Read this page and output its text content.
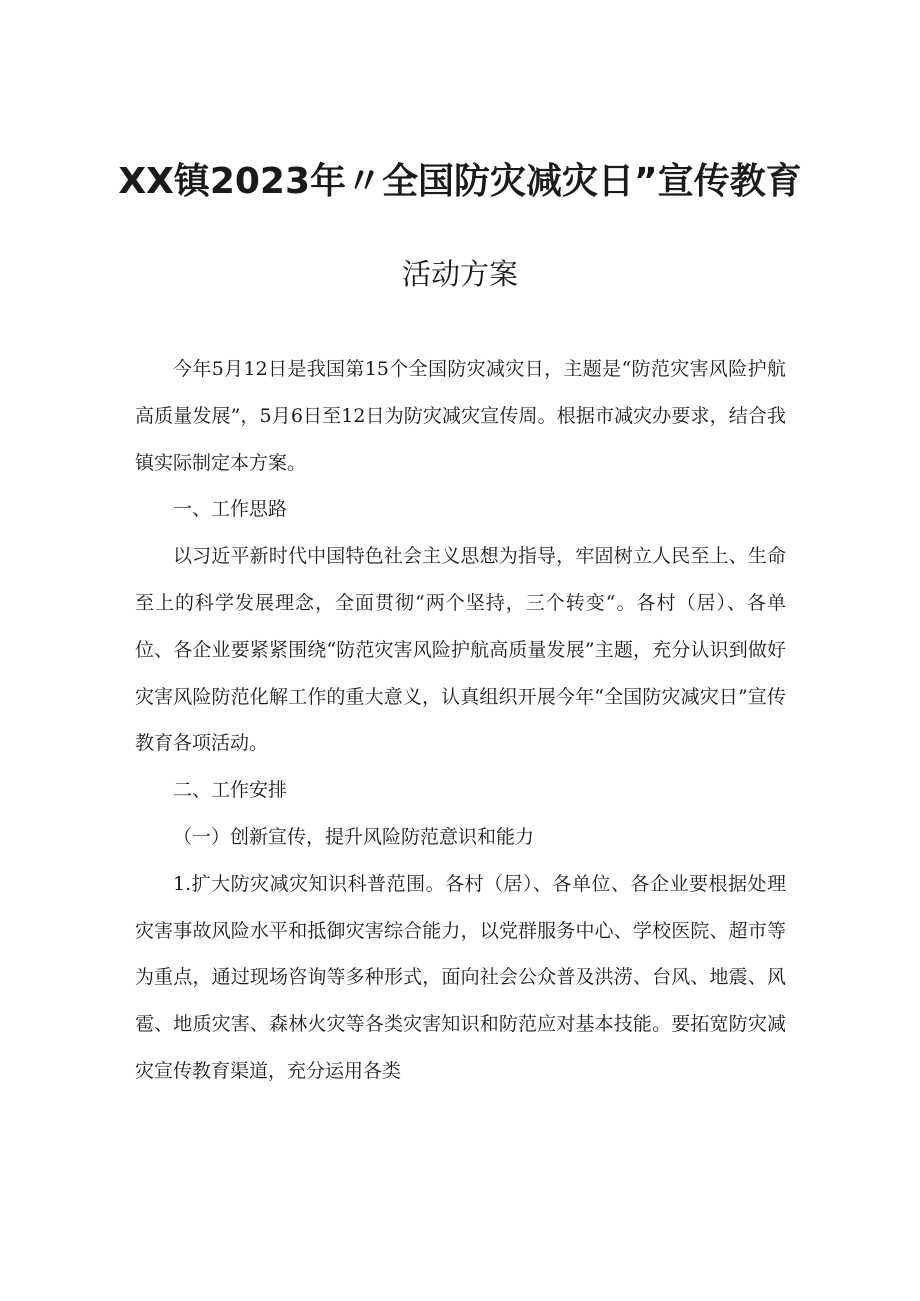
XX镇2023年〃全国防灾减灾日”宣传教育
活动方案

今年5月12日是我国第15个全国防灾减灾日，主题是“防范灾害风险护航高质量发展”，5月6日至12日为防灾减灾宣传周。根据市减灾办要求，结合我镇实际制定本方案。

一、工作思路

以习近平新时代中国特色社会主义思想为指导，牢固树立人民至上、生命至上的科学发展理念，全面贯彻“两个坚持，三个转变“。各村（居）、各单位、各企业要紧紧围绕“防范灾害风险护航高质量发展”主题，充分认识到做好灾害风险防范化解工作的重大意义，认真组织开展今年“全国防灾减灾日”宣传教育各项活动。

二、工作安排

（一）创新宣传，提升风险防范意识和能力

1.扩大防灾减灾知识科普范围。各村（居）、各单位、各企业要根据处理灾害事故风险水平和抵御灾害综合能力，以党群服务中心、学校医院、超市等为重点，通过现场咨询等多种形式，面向社会公众普及洪涝、台风、地震、风雹、地质灾害、森林火灾等各类灾害知识和防范应对基本技能。要拓宽防灾减灾宣传教育渠道，充分运用各类
